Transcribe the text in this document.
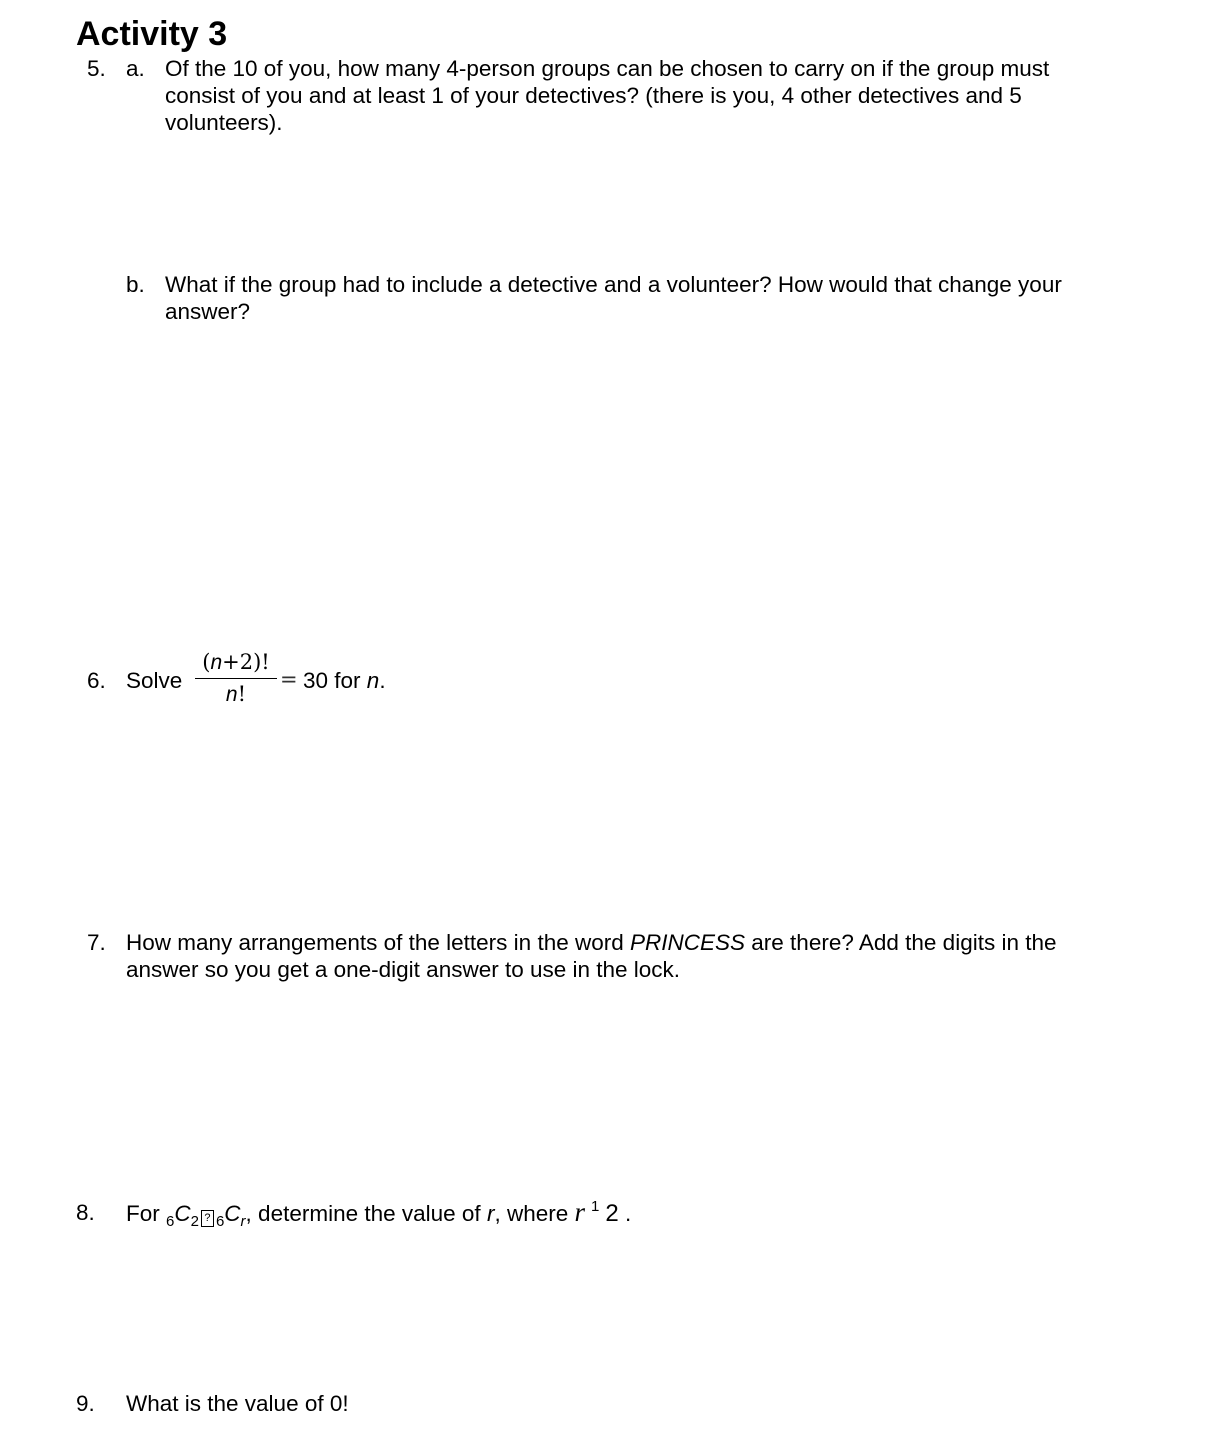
Activity 3
5. a. Of the 10 of you, how many 4-person groups can be chosen to carry on if the group must consist of you and at least 1 of your detectives? (there is you, 4 other detectives and 5 volunteers).
b. What if the group had to include a detective and a volunteer? How would that change your answer?
6. Solve
(n+2)!
n!
= 30 for n.
7. How many arrangements of the letters in the word PRINCESS are there? Add the digits in the answer so you get a one-digit answer to use in the lock.
8. For $_6C_2$ ? $_6C_r$, determine the value of r, where r $^1$ 2 .
9. What is the value of 0!
